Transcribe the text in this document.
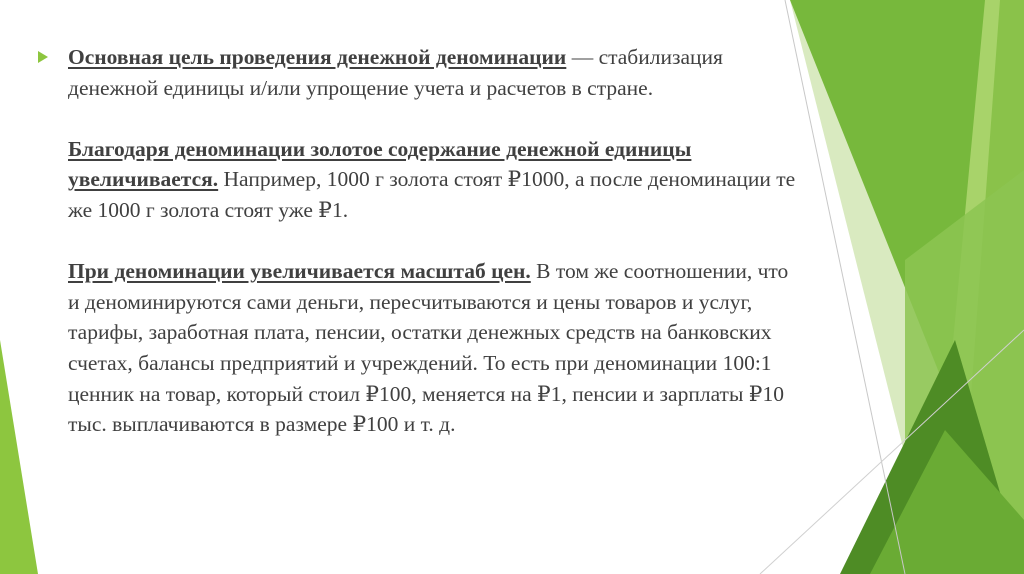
Основная цель проведения денежной деноминации — стабилизация денежной единицы и/или упрощение учета и расчетов в стране.

Благодаря деноминации золотое содержание денежной единицы увеличивается. Например, 1000 г золота стоят ₽1000, а после деноминации те же 1000 г золота стоят уже ₽1.

При деноминации увеличивается масштаб цен. В том же соотношении, что и деноминируются сами деньги, пересчитываются и цены товаров и услуг, тарифы, заработная плата, пенсии, остатки денежных средств на банковских счетах, балансы предприятий и учреждений. То есть при деноминации 100:1 ценник на товар, который стоил ₽100, меняется на ₽1, пенсии и зарплаты ₽10 тыс. выплачиваются в размере ₽100 и т. д.
